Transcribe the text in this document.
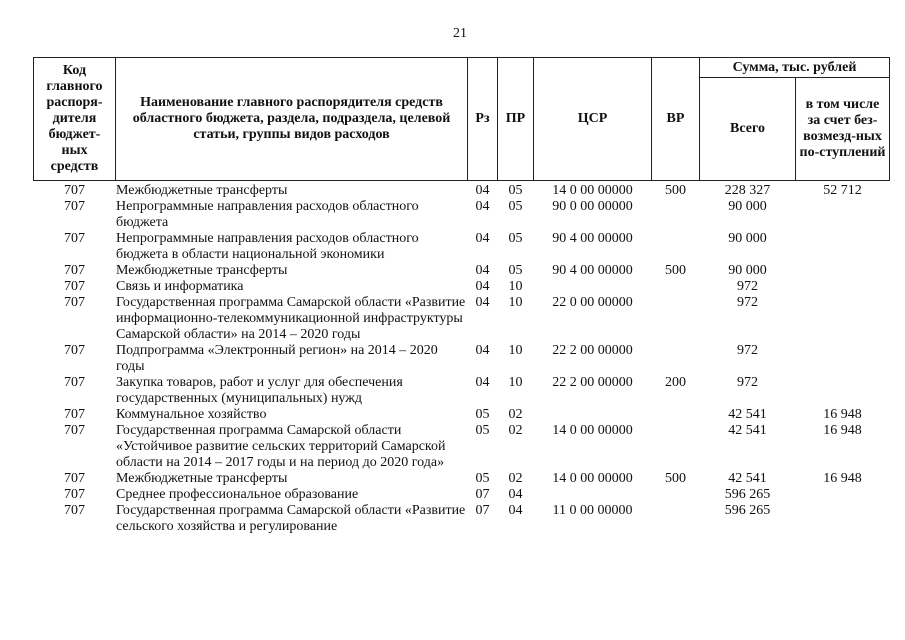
21
Код главного распоря-дителя бюджет-ных средств	Наименование главного распорядителя средств областного бюджета, раздела, подраздела, целевой статьи, группы видов расходов	Рз	ПР	ЦСР	ВР	Сумма, тыс. рублей	
						Всего	в том числе за счет без-возмезд-ных по-ступлений
707	Межбюджетные трансферты	04	05	14 0 00 00000	500	228 327	52 712
707	Непрограммные направления расходов областного бюджета	04	05	90 0 00 00000		90 000	
707	Непрограммные направления расходов областного бюджета в области национальной экономики	04	05	90 4 00 00000		90 000	
707	Межбюджетные трансферты	04	05	90 4 00 00000	500	90 000	
707	Связь и информатика	04	10			972	
707	Государственная программа Самарской области «Развитие информационно-телекоммуникационной инфраструктуры Самарской области» на 2014 – 2020 годы	04	10	22 0 00 00000		972	
707	Подпрограмма «Электронный регион» на 2014 – 2020 годы	04	10	22 2 00 00000		972	
707	Закупка товаров, работ и услуг для обеспечения государственных (муниципальных) нужд	04	10	22 2 00 00000	200	972	
707	Коммунальное хозяйство	05	02			42 541	16 948
707	Государственная программа Самарской области «Устойчивое развитие сельских территорий Самарской области на 2014 – 2017 годы и на период до 2020 года»	05	02	14 0 00 00000		42 541	16 948
707	Межбюджетные трансферты	05	02	14 0 00 00000	500	42 541	16 948
707	Среднее профессиональное образование	07	04			596 265	
707	Государственная программа Самарской области «Развитие сельского хозяйства и регулирование	07	04	11 0 00 00000		596 265	
